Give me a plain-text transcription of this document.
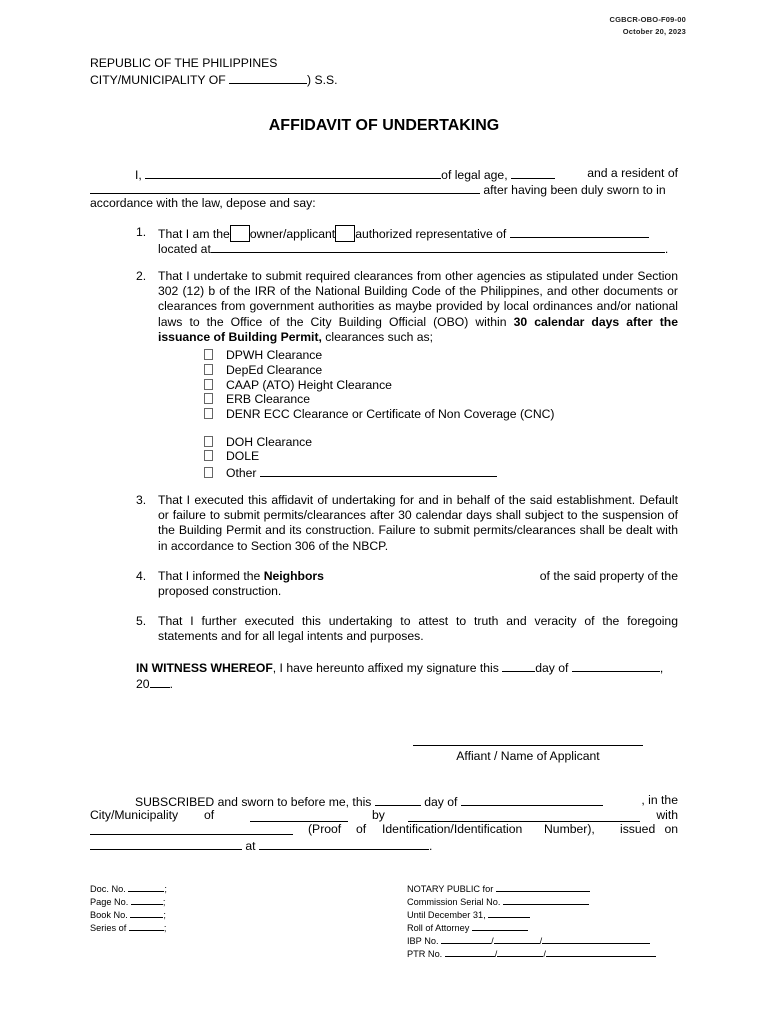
CGBCR-OBO-F09-00
October 20, 2023
REPUBLIC OF THE PHILIPPINES
CITY/MUNICIPALITY OF	) S.S.
AFFIDAVIT OF UNDERTAKING
I,	of legal age,	and a resident of
after having been duly sworn to in
accordance with the law, depose and say:
1. That I am the owner/applicant authorized representative of
located at	.
2. That I undertake to submit required clearances from other agencies as stipulated under Section 302 (12) b of the IRR of the National Building Code of the Philippines, and other documents or clearances from government authorities as maybe provided by local ordinances and/or national laws to the Office of the City Building Official (OBO) within 30 calendar days after the issuance of Building Permit, clearances such as;
DPWH Clearance
DepEd Clearance
CAAP (ATO) Height Clearance
ERB Clearance
DENR ECC Clearance or Certificate of Non Coverage (CNC)
DOH Clearance
DOLE
Other
3. That I executed this affidavit of undertaking for and in behalf of the said establishment. Default or failure to submit permits/clearances after 30 calendar days shall subject to the suspension of the Building Permit and its construction. Failure to submit permits/clearances shall be dealt with in accordance to Section 306 of the NBCP.
4. That I informed the Neighbors	of the said property of the
proposed construction.
5. That I further executed this undertaking to attest to truth and veracity of the foregoing statements and for all legal intents and purposes.
IN WITNESS WHEREOF, I have hereunto affixed my signature this	day of	,
20 .
Affiant / Name of Applicant
SUBSCRIBED and sworn to before me, this	day of	, in the
City/Municipality of	by	with
(Proof of Identification/Identification Number), issued on
at	.
Doc. No.	;
Page No.	;
Book No.	;
Series of	;
NOTARY PUBLIC for
Commission Serial No.
Until December 31,
Roll of Attorney
IBP No.	/	/
PTR No.	/	/
